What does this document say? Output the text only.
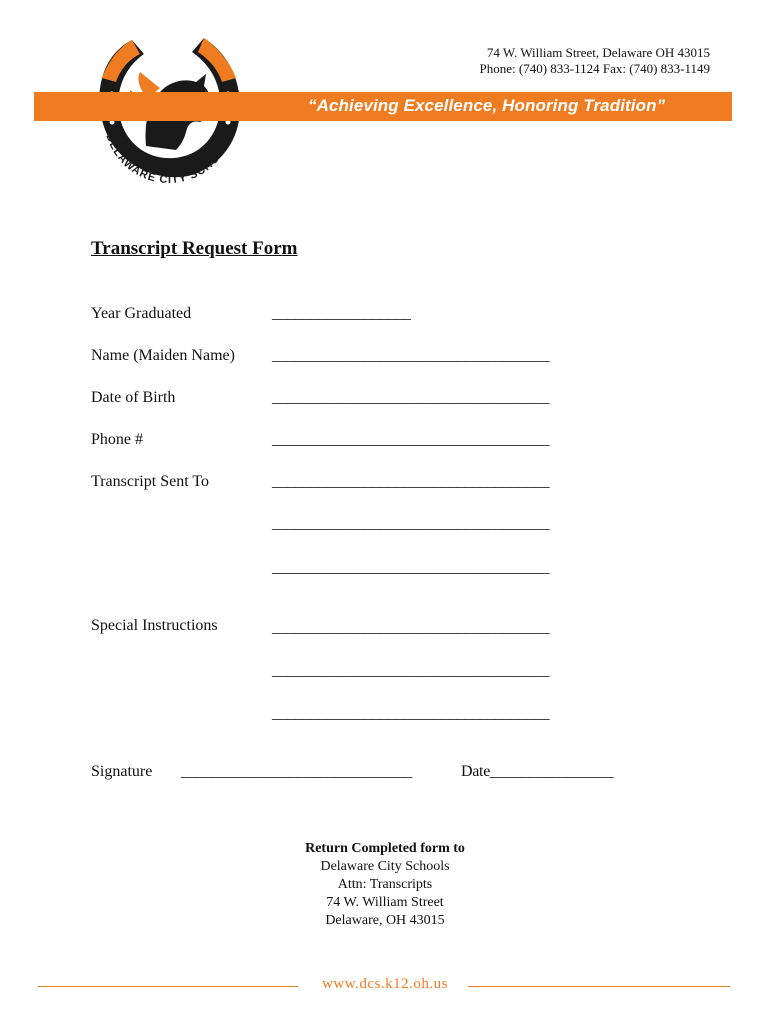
DELAWARE CITY SCHOOLS
74 W. William Street, Delaware OH 43015
Phone: (740) 833-1124 Fax: (740) 833-1149
“Achieving Excellence, Honoring Tradition”
Transcript Request Form
Year Graduated	__________________
Name (Maiden Name) ____________________________________
Date of Birth	____________________________________
Phone #	____________________________________
Transcript Sent To	____________________________________
____________________________________
____________________________________
Special Instructions	____________________________________
____________________________________
____________________________________
Signature ______________________________	Date________________
Return Completed form to
Delaware City Schools
Attn: Transcripts
74 W. William Street
Delaware, OH 43015
www.dcs.k12.oh.us
